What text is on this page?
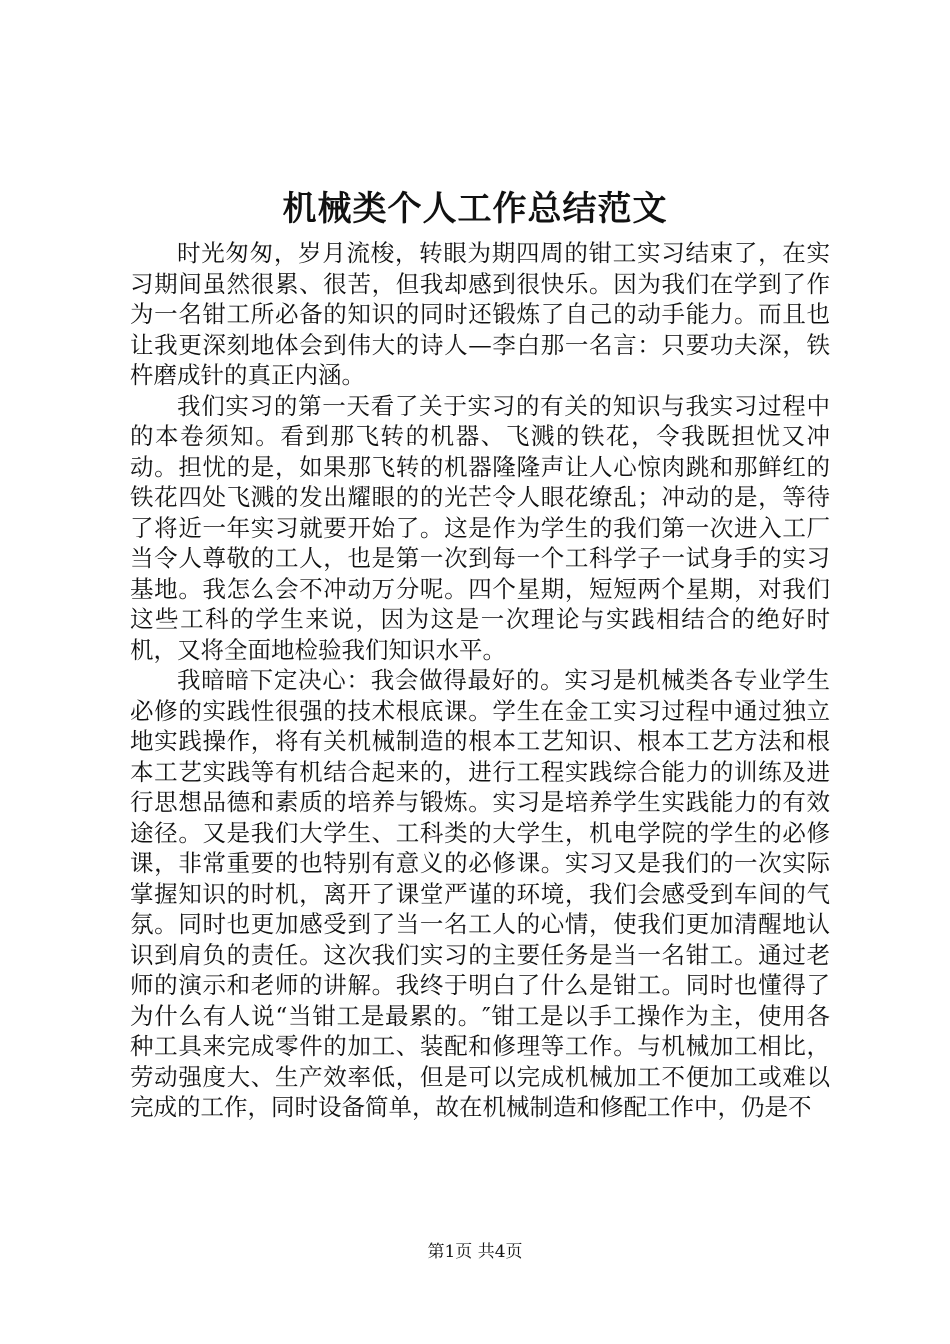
机械类个人工作总结范文

时光匆匆，岁月流梭，转眼为期四周的钳工实习结束了，在实习期间虽然很累、很苦，但我却感到很快乐。因为我们在学到了作为一名钳工所必备的知识的同时还锻炼了自己的动手能力。而且也让我更深刻地体会到伟大的诗人—李白那一名言：只要功夫深，铁杵磨成针的真正内涵。

我们实习的第一天看了关于实习的有关的知识与我实习过程中的本卷须知。看到那飞转的机器、飞溅的铁花，令我既担忧又冲动。担忧的是，如果那飞转的机器隆隆声让人心惊肉跳和那鲜红的铁花四处飞溅的发出耀眼的的光芒令人眼花缭乱；冲动的是，等待了将近一年实习就要开始了。这是作为学生的我们第一次进入工厂当令人尊敬的工人，也是第一次到每一个工科学子一试身手的实习基地。我怎么会不冲动万分呢。四个星期，短短两个星期，对我们这些工科的学生来说，因为这是一次理论与实践相结合的绝好时机，又将全面地检验我们知识水平。

我暗暗下定决心：我会做得最好的。实习是机械类各专业学生必修的实践性很强的技术根底课。学生在金工实习过程中通过独立地实践操作，将有关机械制造的根本工艺知识、根本工艺方法和根本工艺实践等有机结合起来的，进行工程实践综合能力的训练及进行思想品德和素质的培养与锻炼。实习是培养学生实践能力的有效途径。又是我们大学生、工科类的大学生，机电学院的学生的必修课，非常重要的也特别有意义的必修课。实习又是我们的一次实际掌握知识的时机，离开了课堂严谨的环境，我们会感受到车间的气氛。同时也更加感受到了当一名工人的心情，使我们更加清醒地认识到肩负的责任。这次我们实习的主要任务是当一名钳工。通过老师的演示和老师的讲解。我终于明白了什么是钳工。同时也懂得了为什么有人说“当钳工是最累的。″钳工是以手工操作为主，使用各种工具来完成零件的加工、装配和修理等工作。与机械加工相比，劳动强度大、生产效率低，但是可以完成机械加工不便加工或难以完成的工作，同时设备简单，故在机械制造和修配工作中，仍是不

第1页 共4页
